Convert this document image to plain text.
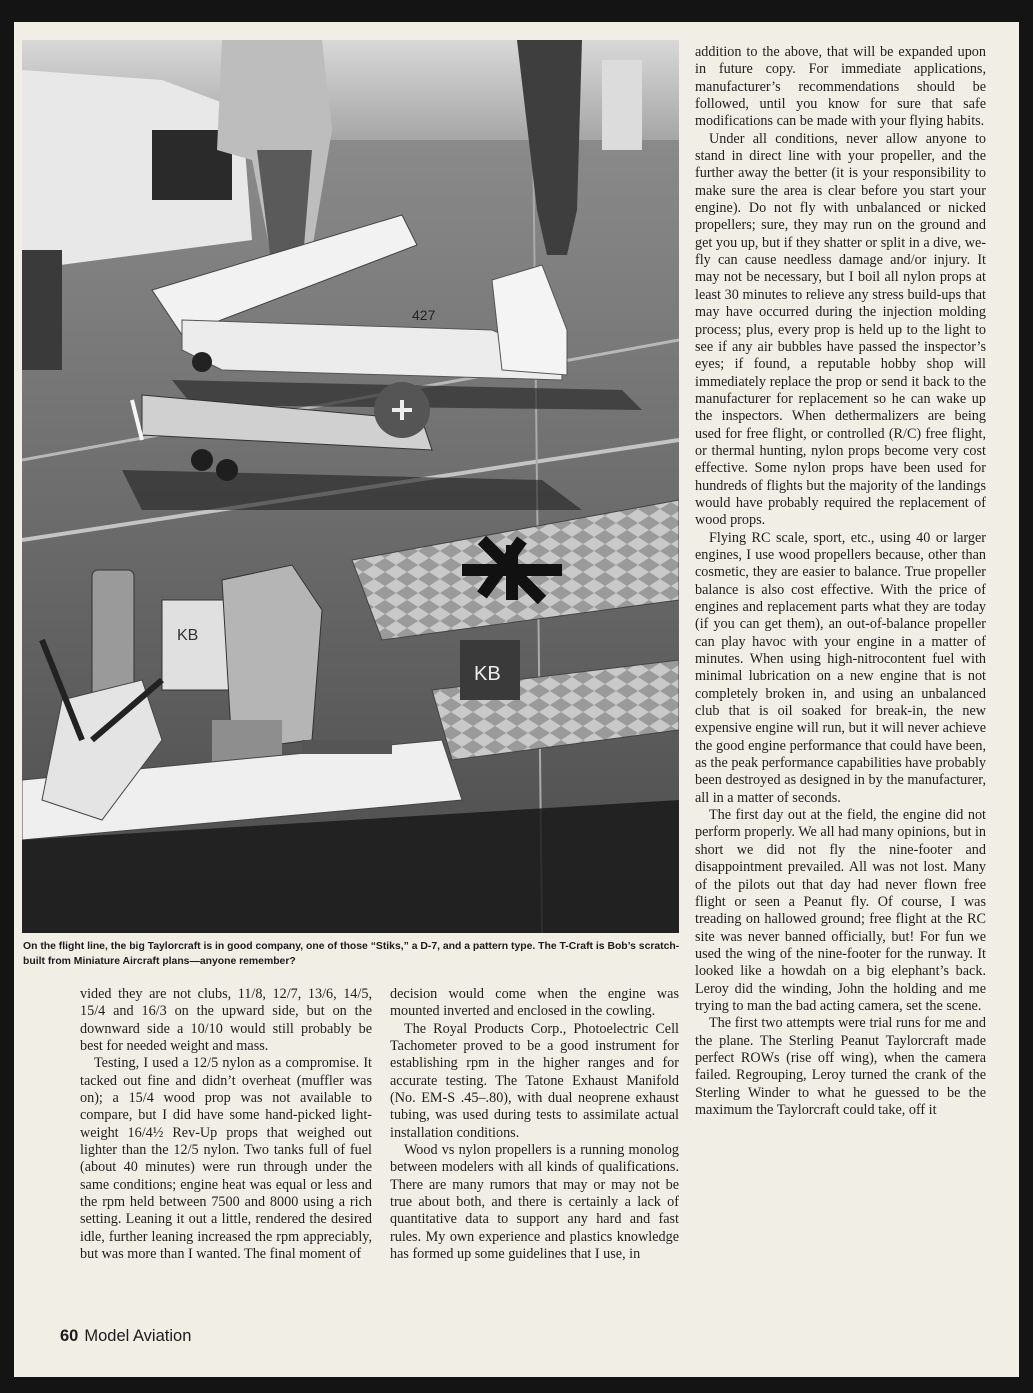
427
KB
KB

On the flight line, the big Taylorcraft is in good company, one of those “Stiks,” a D-7, and a pattern type. The T-Craft is Bob’s scratch-built from Miniature Aircraft plans—anyone remember?

vided they are not clubs, 11/8, 12/7, 13/6, 14/5, 15/4 and 16/3 on the upward side, but on the downward side a 10/10 would still probably be best for needed weight and mass.

Testing, I used a 12/5 nylon as a compromise. It tacked out fine and didn’t overheat (muffler was on); a 15/4 wood prop was not available to compare, but I did have some hand-picked light-weight 16/4½ Rev-Up props that weighed out lighter than the 12/5 nylon. Two tanks full of fuel (about 40 minutes) were run through under the same conditions; engine heat was equal or less and the rpm held between 7500 and 8000 using a rich setting. Leaning it out a little, rendered the desired idle, further leaning increased the rpm appreciably, but was more than I wanted. The final moment of

decision would come when the engine was mounted inverted and enclosed in the cowling.

The Royal Products Corp., Photoelectric Cell Tachometer proved to be a good instrument for establishing rpm in the higher ranges and for accurate testing. The Tatone Exhaust Manifold (No. EM-S .45–.80), with dual neoprene exhaust tubing, was used during tests to assimilate actual installation conditions.

Wood vs nylon propellers is a running monolog between modelers with all kinds of qualifications. There are many rumors that may or may not be true about both, and there is certainly a lack of quantitative data to support any hard and fast rules. My own experience and plastics knowledge has formed up some guidelines that I use, in

addition to the above, that will be expanded upon in future copy. For immediate applications, manufacturer’s recommendations should be followed, until you know for sure that safe modifications can be made with your flying habits.

Under all conditions, never allow anyone to stand in direct line with your propeller, and the further away the better (it is your responsibility to make sure the area is clear before you start your engine). Do not fly with unbalanced or nicked propellers; sure, they may run on the ground and get you up, but if they shatter or split in a dive, we-fly can cause needless damage and/or injury. It may not be necessary, but I boil all nylon props at least 30 minutes to relieve any stress build-ups that may have occurred during the injection molding process; plus, every prop is held up to the light to see if any air bubbles have passed the inspector’s eyes; if found, a reputable hobby shop will immediately replace the prop or send it back to the manufacturer for replacement so he can wake up the inspectors. When dethermalizers are being used for free flight, or controlled (R/C) free flight, or thermal hunting, nylon props become very cost effective. Some nylon props have been used for hundreds of flights but the majority of the landings would have probably required the replacement of wood props.

Flying RC scale, sport, etc., using 40 or larger engines, I use wood propellers because, other than cosmetic, they are easier to balance. True propeller balance is also cost effective. With the price of engines and replacement parts what they are today (if you can get them), an out-of-balance propeller can play havoc with your engine in a matter of minutes. When using high-nitrocontent fuel with minimal lubrication on a new engine that is not completely broken in, and using an unbalanced club that is oil soaked for break-in, the new expensive engine will run, but it will never achieve the good engine performance that could have been, as the peak performance capabilities have probably been destroyed as designed in by the manufacturer, all in a matter of seconds.

The first day out at the field, the engine did not perform properly. We all had many opinions, but in short we did not fly the nine-footer and disappointment prevailed. All was not lost. Many of the pilots out that day had never flown free flight or seen a Peanut fly. Of course, I was treading on hallowed ground; free flight at the RC site was never banned officially, but! For fun we used the wing of the nine-footer for the runway. It looked like a howdah on a big elephant’s back. Leroy did the winding, John the holding and me trying to man the bad acting camera, set the scene.

The first two attempts were trial runs for me and the plane. The Sterling Peanut Taylorcraft made perfect ROWs (rise off wing), when the camera failed. Regrouping, Leroy turned the crank of the Sterling Winder to what he guessed to be the maximum the Taylorcraft could take, off it

60 Model Aviation
